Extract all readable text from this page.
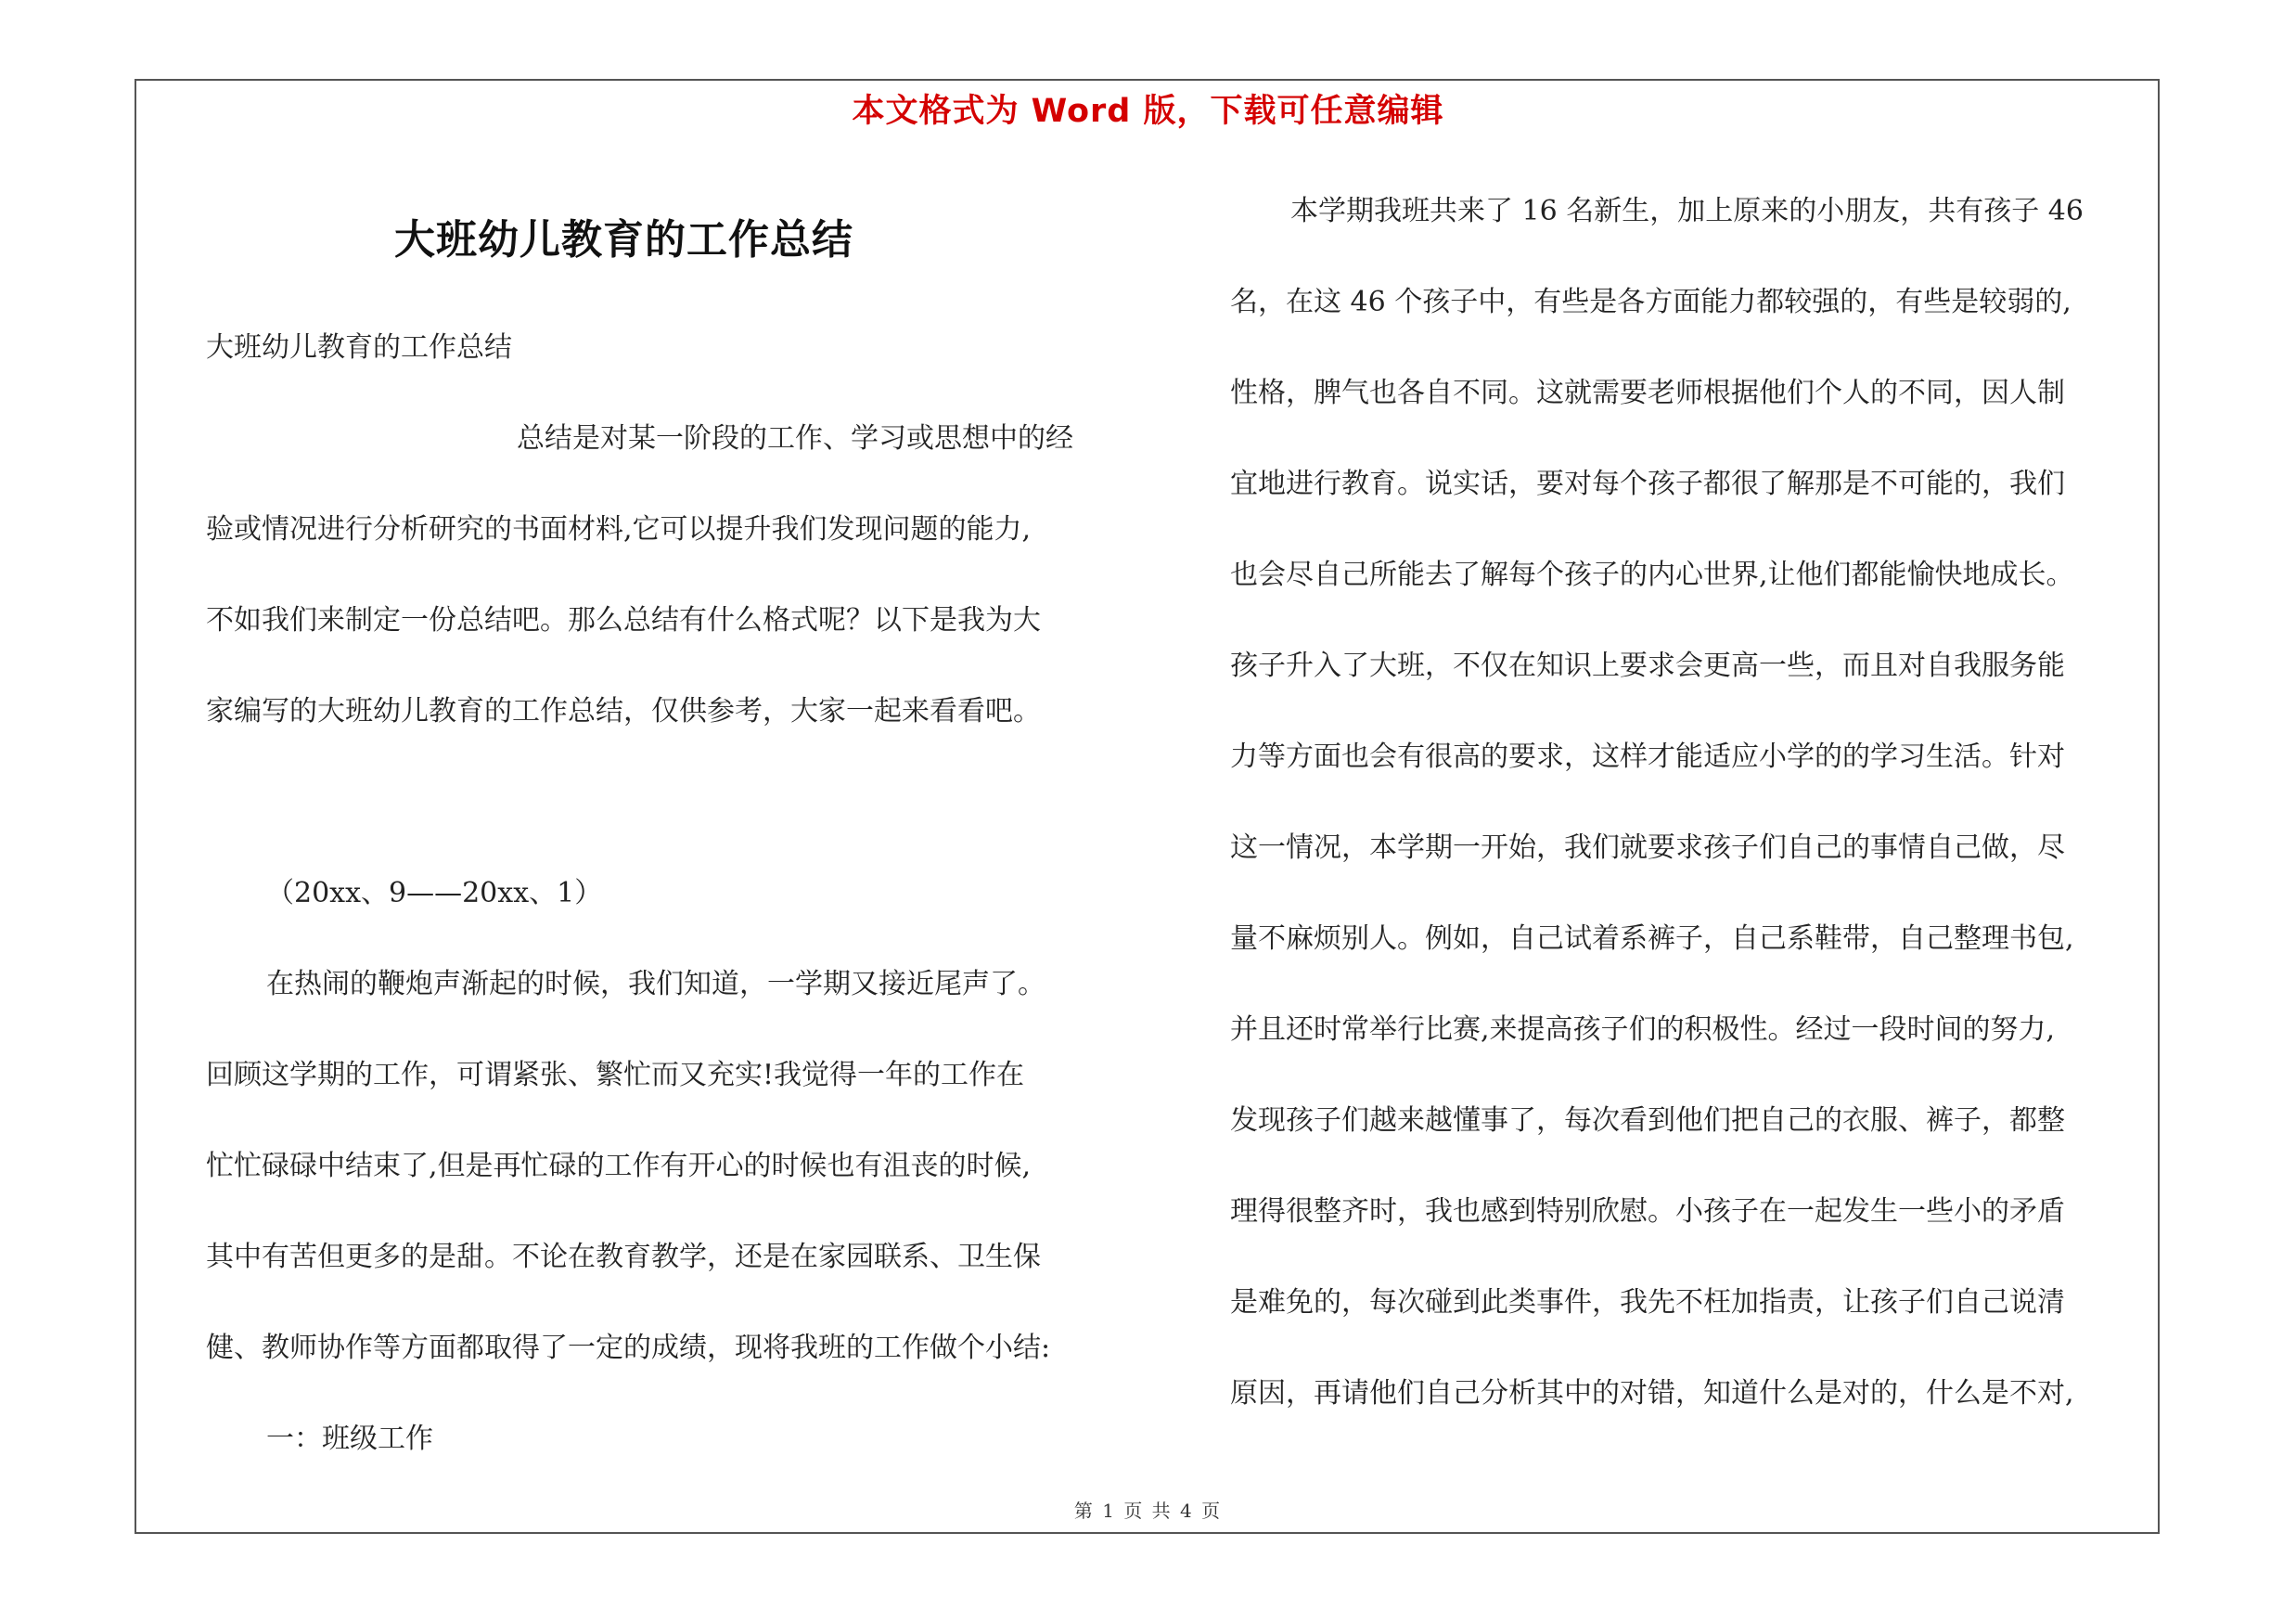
本文格式为 Word 版，下载可任意编辑
大班幼儿教育的工作总结

大班幼儿教育的工作总结

总结是对某一阶段的工作、学习或思想中的经

验或情况进行分析研究的书面材料,它可以提升我们发现问题的能力,

不如我们来制定一份总结吧。那么总结有什么格式呢？以下是我为大

家编写的大班幼儿教育的工作总结，仅供参考，大家一起来看看吧。

（20xx、9——20xx、1）

在热闹的鞭炮声渐起的时候，我们知道，一学期又接近尾声了。

回顾这学期的工作，可谓紧张、繁忙而又充实!我觉得一年的工作在

忙忙碌碌中结束了,但是再忙碌的工作有开心的时候也有沮丧的时候,

其中有苦但更多的是甜。不论在教育教学，还是在家园联系、卫生保

健、教师协作等方面都取得了一定的成绩，现将我班的工作做个小结:

一：班级工作

本学期我班共来了 16 名新生，加上原来的小朋友，共有孩子 46

名，在这 46 个孩子中，有些是各方面能力都较强的，有些是较弱的,

性格，脾气也各自不同。这就需要老师根据他们个人的不同，因人制

宜地进行教育。说实话，要对每个孩子都很了解那是不可能的，我们

也会尽自己所能去了解每个孩子的内心世界,让他们都能愉快地成长。

孩子升入了大班，不仅在知识上要求会更高一些，而且对自我服务能

力等方面也会有很高的要求，这样才能适应小学的的学习生活。针对

这一情况，本学期一开始，我们就要求孩子们自己的事情自己做，尽

量不麻烦别人。例如，自己试着系裤子，自己系鞋带，自己整理书包,

并且还时常举行比赛,来提高孩子们的积极性。经过一段时间的努力,

发现孩子们越来越懂事了，每次看到他们把自己的衣服、裤子，都整

理得很整齐时，我也感到特别欣慰。小孩子在一起发生一些小的矛盾

是难免的，每次碰到此类事件，我先不枉加指责，让孩子们自己说清

原因，再请他们自己分析其中的对错，知道什么是对的，什么是不对,

第 1 页 共 4 页
